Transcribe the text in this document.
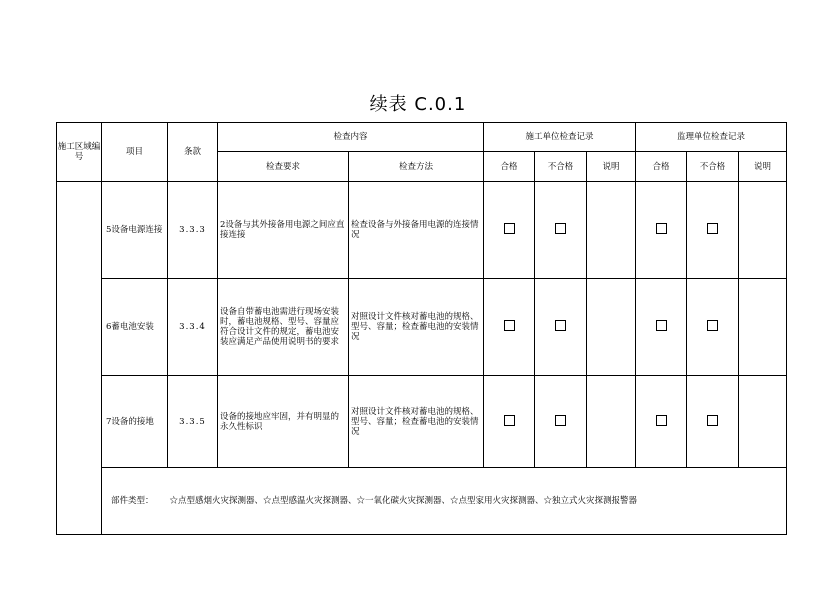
续表 C.0.1
施工区域编号	项目	条款	检查内容		施工单位检查记录			监理单位检查记录		
			检查要求	检查方法	合格	不合格	说明	合格	不合格	说明
	5设备电源连接	3.3.3	2设备与其外接备用电源之间应直接连接	检查设备与外接备用电源的连接情况						
	6蓄电池安装	3.3.4	设备自带蓄电池需进行现场安装时，蓄电池规格、型号、容量应符合设计文件的规定，蓄电池安装应满足产品使用说明书的要求	对照设计文件核对蓄电池的规格、型号、容量；检查蓄电池的安装情况						
	7设备的接地	3.3.5	设备的接地应牢固，并有明显的永久性标识	对照设计文件核对蓄电池的规格、型号、容量；检查蓄电池的安装情况						
	部件类型： ☆点型感烟火灾探测器、☆点型感温火灾探测器、☆一氧化碳火灾探测器、☆点型家用火灾探测器、☆独立式火灾探测报警器									
